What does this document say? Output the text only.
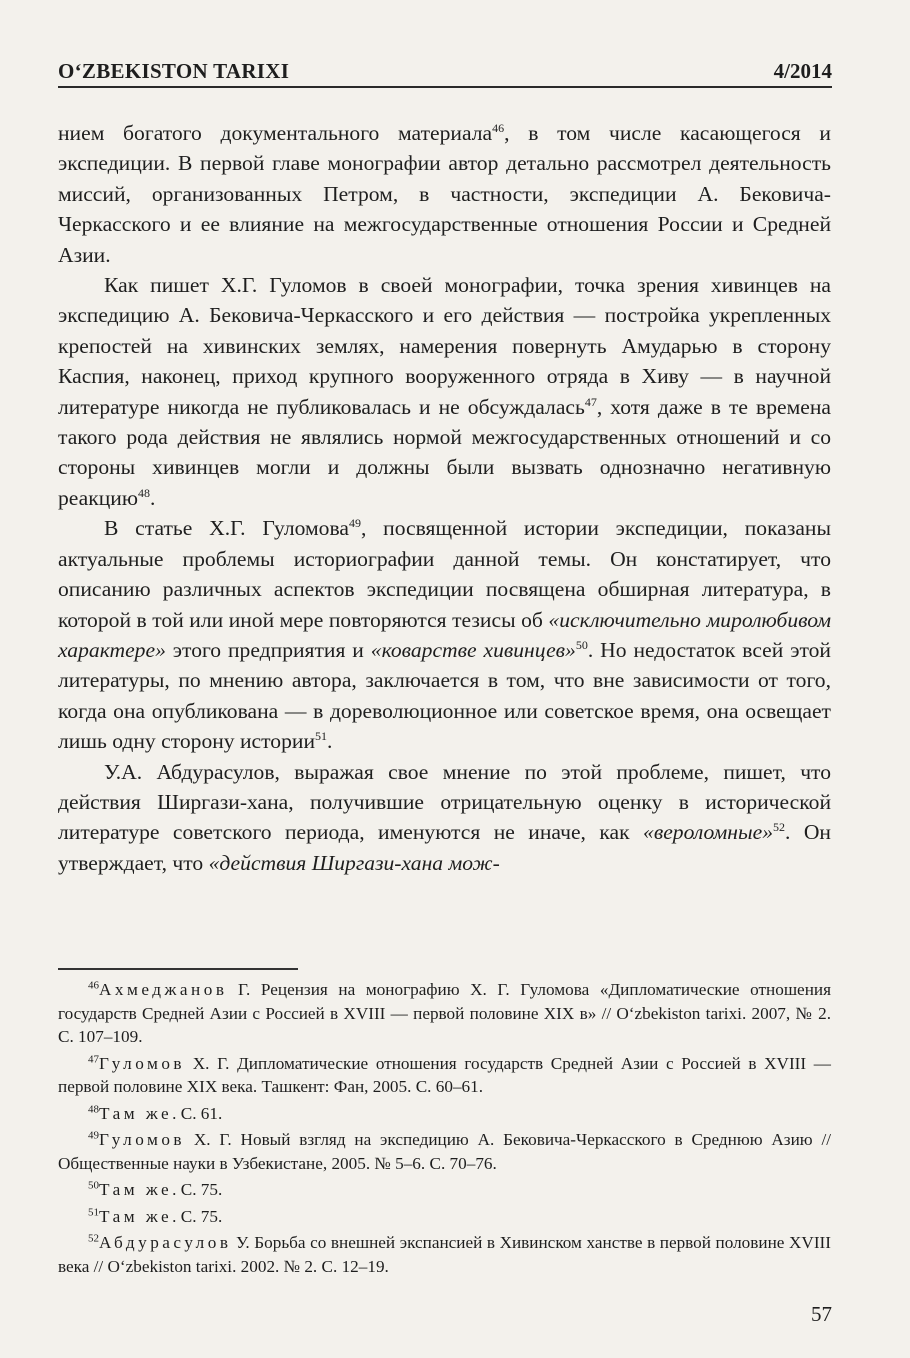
O‘ZBEKISTON TARIXI	4/2014

нием богатого документального материала$^{46}$, в том числе касающегося и экспедиции. В первой главе монографии автор детально рассмотрел деятельность миссий, организованных Петром, в частности, экспедиции А. Бековича-Черкасского и ее влияние на межгосударственные отношения России и Средней Азии.

Как пишет Х.Г. Гуломов в своей монографии, точка зрения хивинцев на экспедицию А. Бековича-Черкасского и его действия — постройка укрепленных крепостей на хивинских землях, намерения повернуть Амударью в сторону Каспия, наконец, приход крупного вооруженного отряда в Хиву — в научной литературе никогда не публиковалась и не обсуждалась$^{47}$, хотя даже в те времена такого рода действия не являлись нормой межгосударственных отношений и со стороны хивинцев могли и должны были вызвать однозначно негативную реакцию$^{48}$.

В статье Х.Г. Гуломова$^{49}$, посвященной истории экспедиции, показаны актуальные проблемы историографии данной темы. Он констатирует, что описанию различных аспектов экспедиции посвящена обширная литература, в которой в той или иной мере повторяются тезисы об «исключительно миролюбивом характере» этого предприятия и «коварстве хивинцев»$^{50}$. Но недостаток всей этой литературы, по мнению автора, заключается в том, что вне зависимости от того, когда она опубликована — в дореволюционное или советское время, она освещает лишь одну сторону истории$^{51}$.

У.А. Абдурасулов, выражая свое мнение по этой проблеме, пишет, что действия Ширгази-хана, получившие отрицательную оценку в исторической литературе советского периода, именуются не иначе, как «вероломные»$^{52}$. Он утверждает, что «действия Ширгази-хана мож-

$^{46}$Ахмеджанов Г. Рецензия на монографию Х. Г. Гуломова «Дипломатические отношения государств Средней Азии с Россией в XVIII — первой половине XIX в» // O‘zbekiston tarixi. 2007, № 2. С. 107–109.

$^{47}$Гуломов Х. Г. Дипломатические отношения государств Средней Азии с Россией в XVIII — первой половине XIX века. Ташкент: Фан, 2005. С. 60–61.

$^{48}$Там же. С. 61.

$^{49}$Гуломов Х. Г. Новый взгляд на экспедицию А. Бековича-Черкасского в Среднюю Азию // Общественные науки в Узбекистане, 2005. № 5–6. С. 70–76.

$^{50}$Там же. С. 75.

$^{51}$Там же. С. 75.

$^{52}$Абдурасулов У. Борьба со внешней экспансией в Хивинском ханстве в первой половине XVIII века // O‘zbekiston tarixi. 2002. № 2. С. 12–19.

57
